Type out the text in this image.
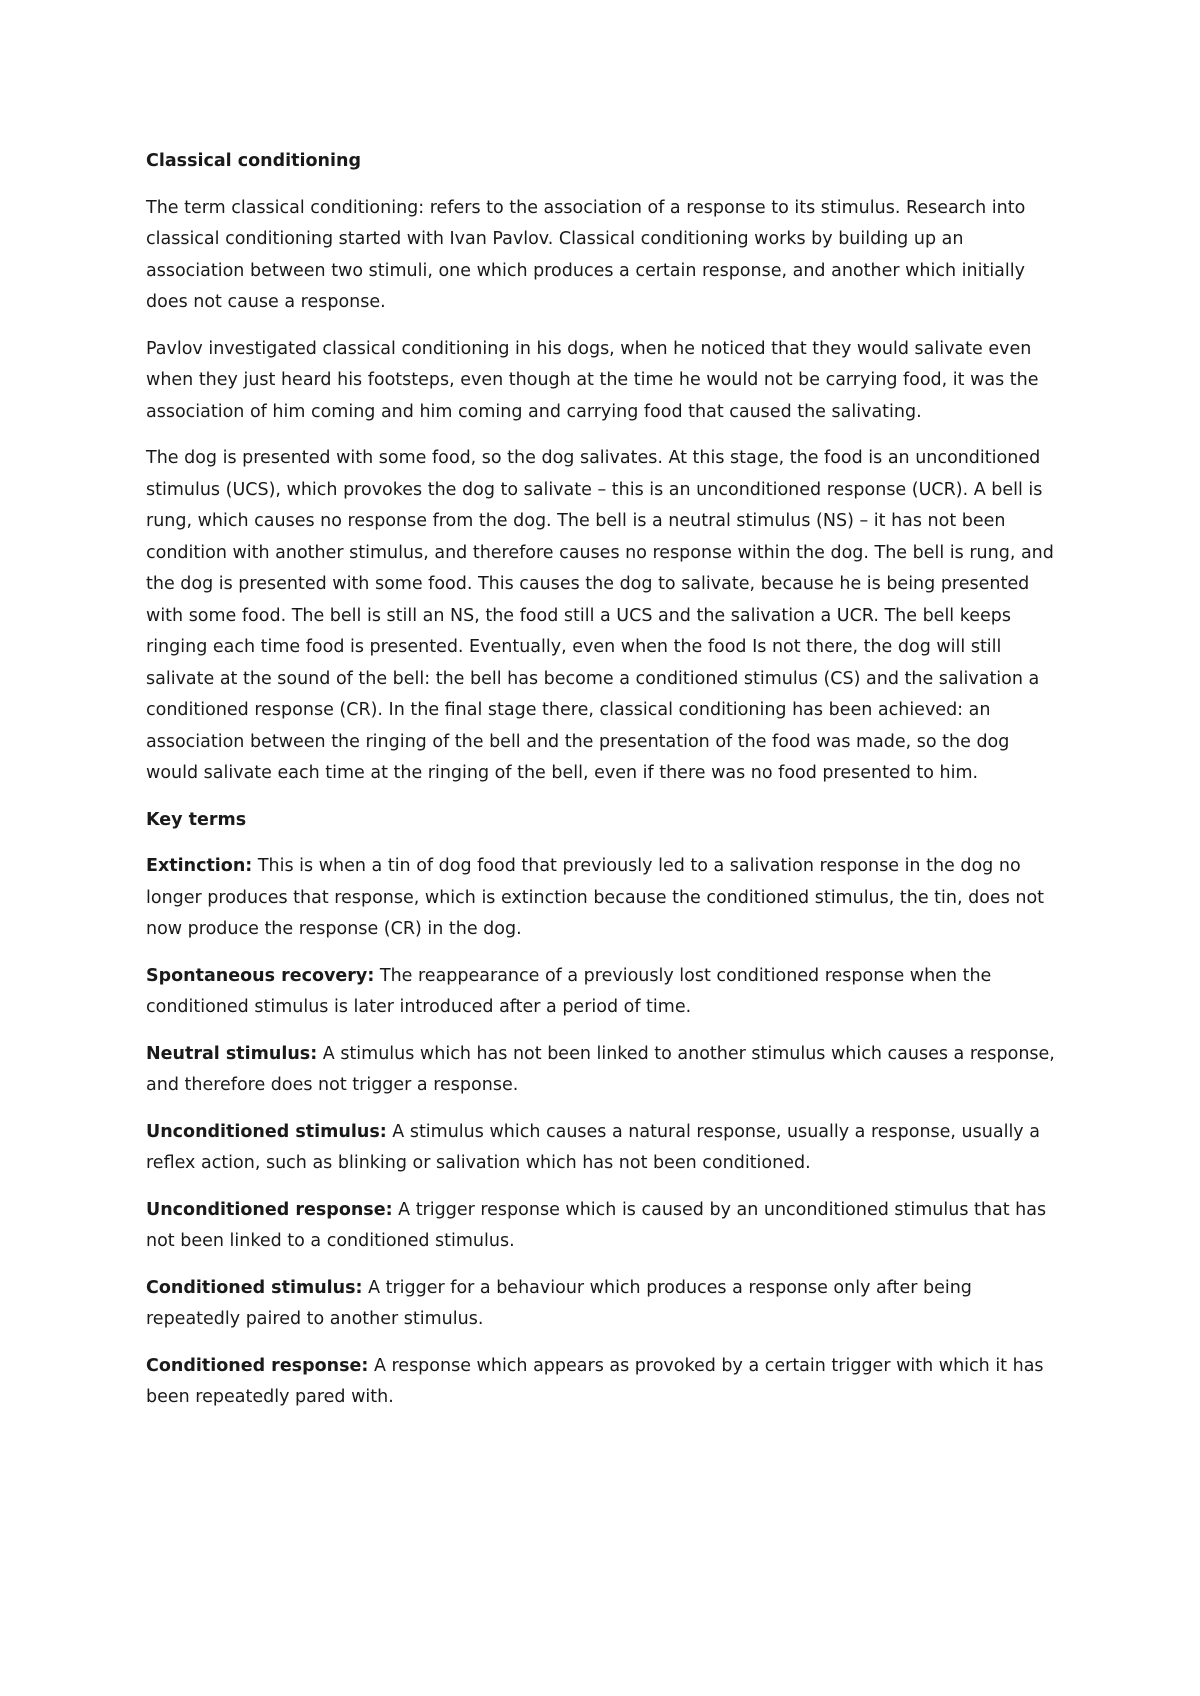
Classical conditioning

The term classical conditioning: refers to the association of a response to its stimulus. Research into classical conditioning started with Ivan Pavlov. Classical conditioning works by building up an association between two stimuli, one which produces a certain response, and another which initially does not cause a response.

Pavlov investigated classical conditioning in his dogs, when he noticed that they would salivate even when they just heard his footsteps, even though at the time he would not be carrying food, it was the association of him coming and him coming and carrying food that caused the salivating.

The dog is presented with some food, so the dog salivates. At this stage, the food is an unconditioned stimulus (UCS), which provokes the dog to salivate – this is an unconditioned response (UCR). A bell is rung, which causes no response from the dog. The bell is a neutral stimulus (NS) – it has not been condition with another stimulus, and therefore causes no response within the dog. The bell is rung, and the dog is presented with some food. This causes the dog to salivate, because he is being presented with some food. The bell is still an NS, the food still a UCS and the salivation a UCR. The bell keeps ringing each time food is presented. Eventually, even when the food Is not there, the dog will still salivate at the sound of the bell: the bell has become a conditioned stimulus (CS) and the salivation a conditioned response (CR). In the final stage there, classical conditioning has been achieved: an association between the ringing of the bell and the presentation of the food was made, so the dog would salivate each time at the ringing of the bell, even if there was no food presented to him.

Key terms

Extinction: This is when a tin of dog food that previously led to a salivation response in the dog no longer produces that response, which is extinction because the conditioned stimulus, the tin, does not now produce the response (CR) in the dog.

Spontaneous recovery: The reappearance of a previously lost conditioned response when the conditioned stimulus is later introduced after a period of time.

Neutral stimulus: A stimulus which has not been linked to another stimulus which causes a response, and therefore does not trigger a response.

Unconditioned stimulus: A stimulus which causes a natural response, usually a response, usually a reflex action, such as blinking or salivation which has not been conditioned.

Unconditioned response: A trigger response which is caused by an unconditioned stimulus that has not been linked to a conditioned stimulus.

Conditioned stimulus: A trigger for a behaviour which produces a response only after being repeatedly paired to another stimulus.

Conditioned response: A response which appears as provoked by a certain trigger with which it has been repeatedly pared with.
